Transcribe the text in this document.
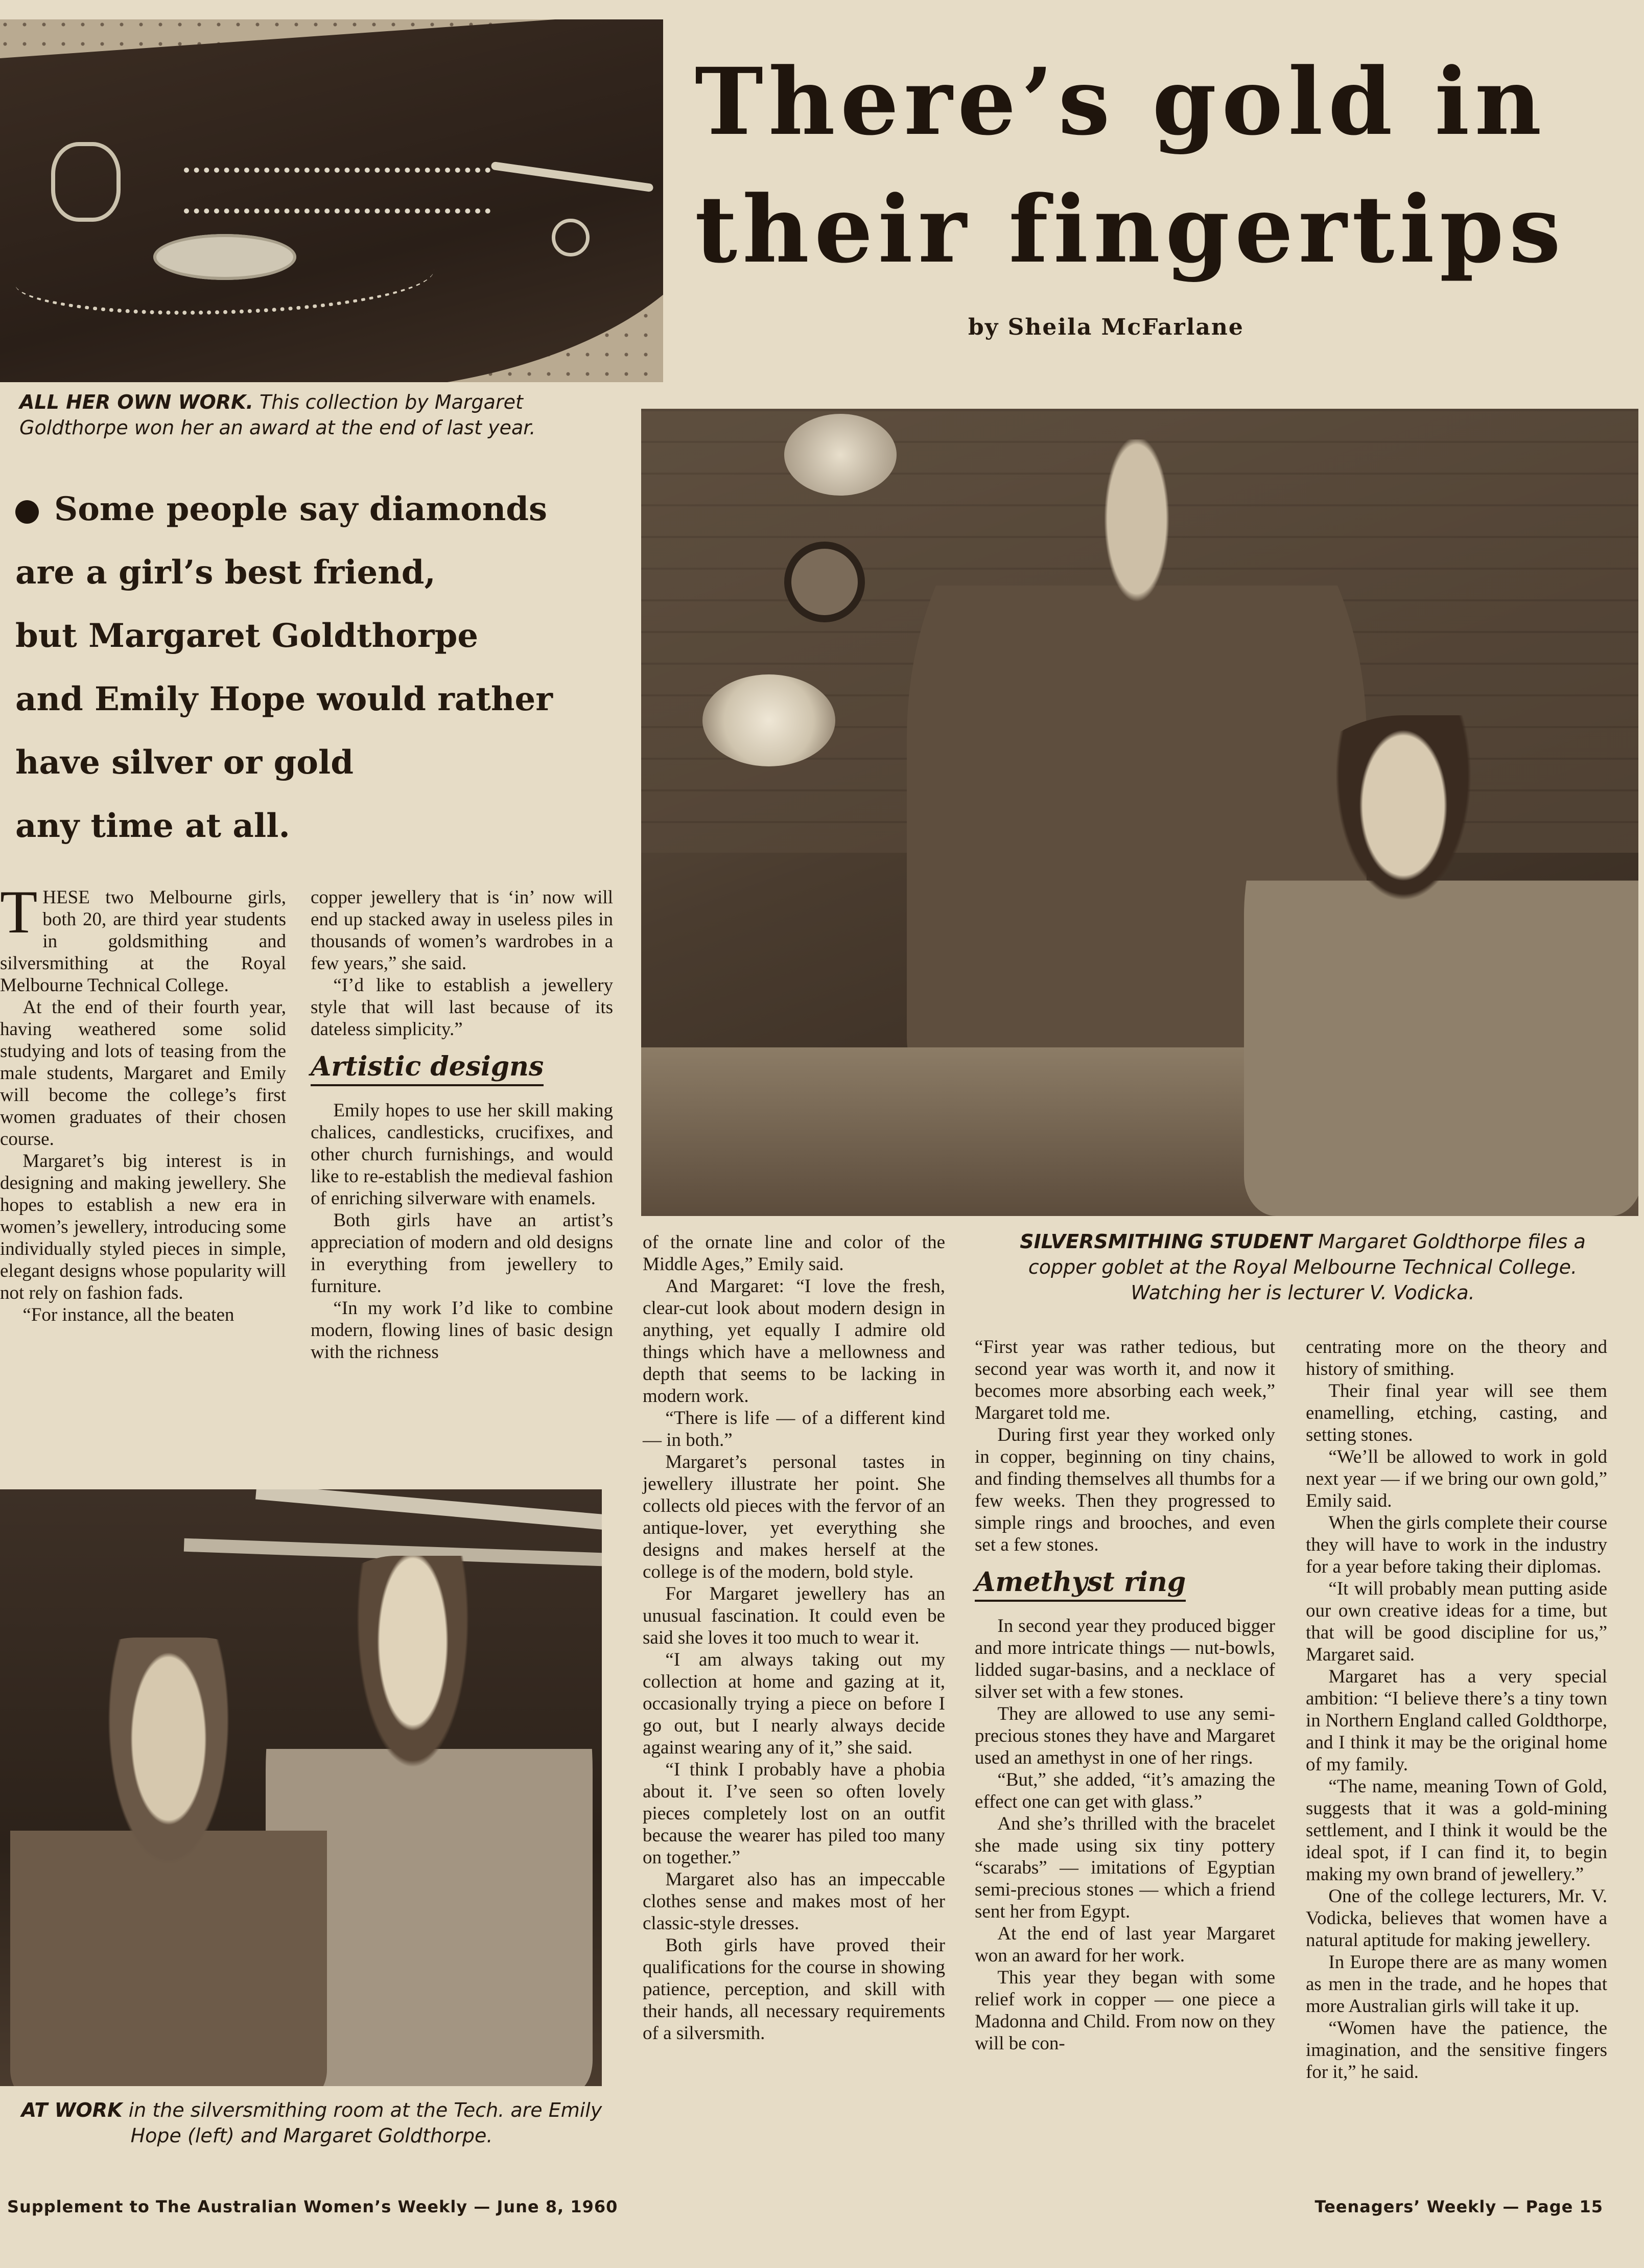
There’s gold in
their fingertips
by Sheila McFarlane
ALL HER OWN WORK. This collection by Margaret Goldthorpe won her an award at the end of last year.
SILVERSMITHING STUDENT Margaret Goldthorpe files a copper goblet at the Royal Melbourne Technical College. Watching her is lecturer V. Vodicka.
AT WORK in the silversmithing room at the Tech. are Emily Hope (left) and Margaret Goldthorpe.
Some people say diamonds
are a girl’s best friend,
but Margaret Goldthorpe
and Emily Hope would rather
have silver or gold
any time at all.

THESE two Melbourne girls, both 20, are third year students in goldsmithing and silversmithing at the Royal Melbourne Technical College.

At the end of their fourth year, having weathered some solid studying and lots of teasing from the male students, Margaret and Emily will become the college’s first women graduates of their chosen course.

Margaret’s big interest is in designing and making jewellery. She hopes to establish a new era in women’s jewellery, introducing some individually styled pieces in simple, elegant designs whose popularity will not rely on fashion fads.

“For instance, all the beaten

copper jewellery that is ‘in’ now will end up stacked away in useless piles in thousands of women’s wardrobes in a few years,” she said.

“I’d like to establish a jewellery style that will last because of its dateless simplicity.”

Artistic designs

Emily hopes to use her skill making chalices, candlesticks, crucifixes, and other church furnishings, and would like to re-establish the medieval fashion of enriching silverware with enamels.

Both girls have an artist’s appreciation of modern and old designs in everything from jewellery to furniture.

“In my work I’d like to combine modern, flowing lines of basic design with the richness

of the ornate line and color of the Middle Ages,” Emily said.

And Margaret: “I love the fresh, clear-cut look about modern design in anything, yet equally I admire old things which have a mellowness and depth that seems to be lacking in modern work.

“There is life — of a different kind — in both.”

Margaret’s personal tastes in jewellery illustrate her point. She collects old pieces with the fervor of an antique-lover, yet everything she designs and makes herself at the college is of the modern, bold style.

For Margaret jewellery has an unusual fascination. It could even be said she loves it too much to wear it.

“I am always taking out my collection at home and gazing at it, occasionally trying a piece on before I go out, but I nearly always decide against wearing any of it,” she said.

“I think I probably have a phobia about it. I’ve seen so often lovely pieces completely lost on an outfit because the wearer has piled too many on together.”

Margaret also has an impeccable clothes sense and makes most of her classic-style dresses.

Both girls have proved their qualifications for the course in showing patience, perception, and skill with their hands, all necessary requirements of a silversmith.

“First year was rather tedious, but second year was worth it, and now it becomes more absorbing each week,” Margaret told me.

During first year they worked only in copper, beginning on tiny chains, and finding themselves all thumbs for a few weeks. Then they progressed to simple rings and brooches, and even set a few stones.

Amethyst ring

In second year they produced bigger and more intricate things — nut-bowls, lidded sugar-basins, and a necklace of silver set with a few stones.

They are allowed to use any semi-precious stones they have and Margaret used an amethyst in one of her rings.

“But,” she added, “it’s amazing the effect one can get with glass.”

And she’s thrilled with the bracelet she made using six tiny pottery “scarabs” — imitations of Egyptian semi-precious stones — which a friend sent her from Egypt.

At the end of last year Margaret won an award for her work.

This year they began with some relief work in copper — one piece a Madonna and Child. From now on they will be con-

centrating more on the theory and history of smithing.

Their final year will see them enamelling, etching, casting, and setting stones.

“We’ll be allowed to work in gold next year — if we bring our own gold,” Emily said.

When the girls complete their course they will have to work in the industry for a year before taking their diplomas.

“It will probably mean putting aside our own creative ideas for a time, but that will be good discipline for us,” Margaret said.

Margaret has a very special ambition: “I believe there’s a tiny town in Northern England called Goldthorpe, and I think it may be the original home of my family.

“The name, meaning Town of Gold, suggests that it was a gold-mining settlement, and I think it would be the ideal spot, if I can find it, to begin making my own brand of jewellery.”

One of the college lecturers, Mr. V. Vodicka, believes that women have a natural aptitude for making jewellery.

In Europe there are as many women as men in the trade, and he hopes that more Australian girls will take it up.

“Women have the patience, the imagination, and the sensitive fingers for it,” he said.

Supplement to The Australian Women’s Weekly — June 8, 1960	Teenagers’ Weekly — Page 15
